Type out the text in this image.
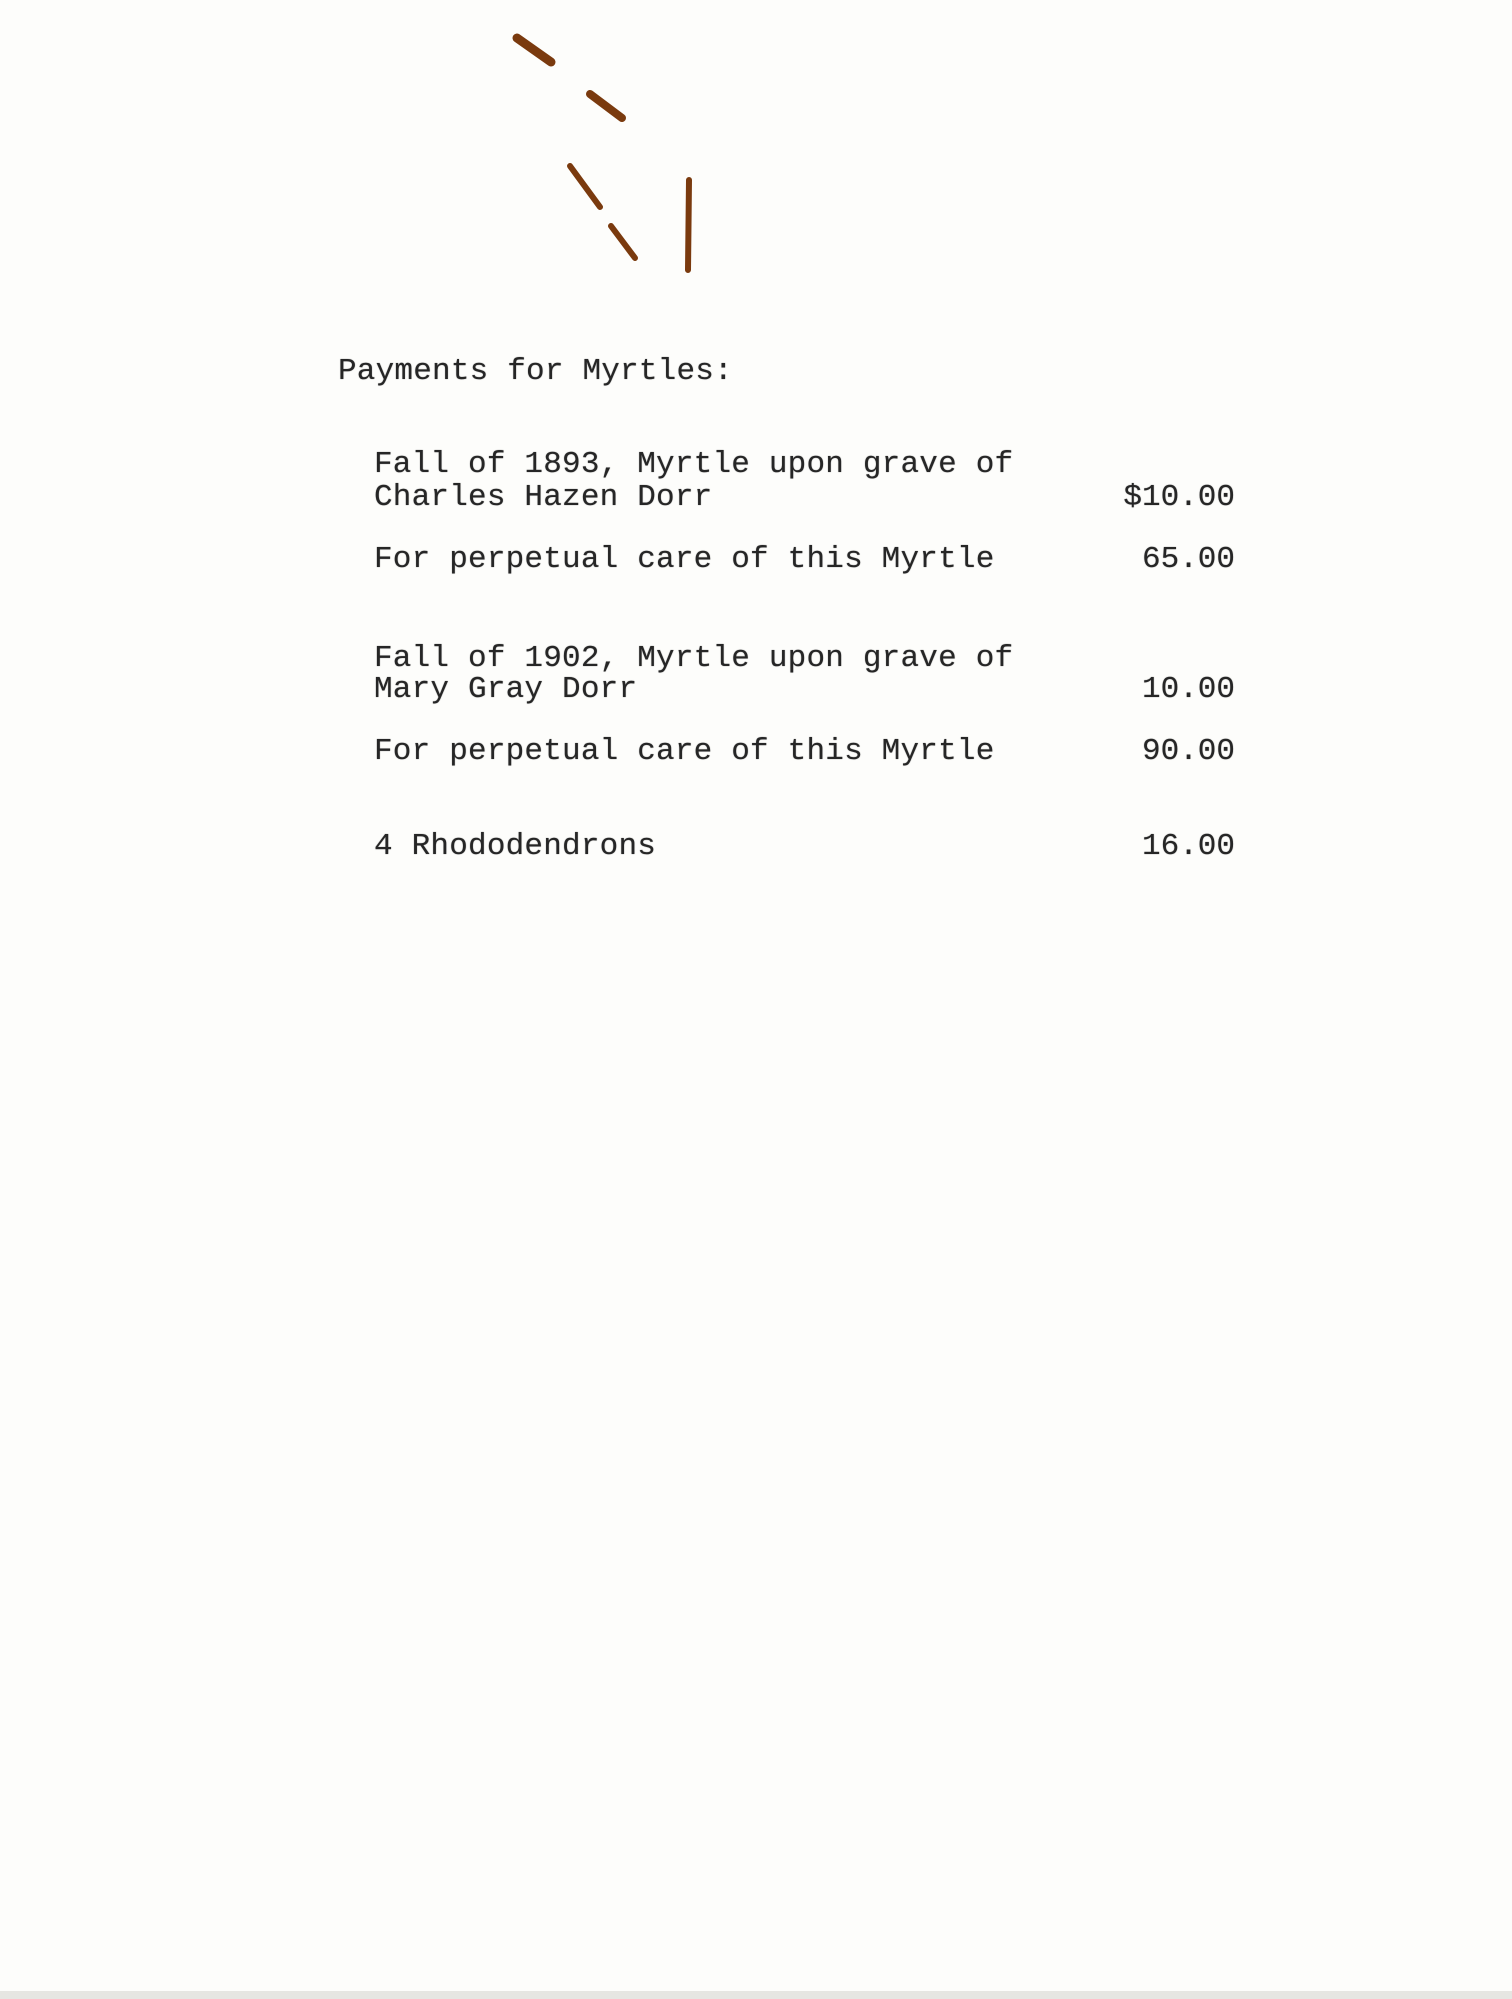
Payments for Myrtles:
Fall of 1893, Myrtle upon grave of
Charles Hazen Dorr	$10.00
For perpetual care of this Myrtle	65.00
Fall of 1902, Myrtle upon grave of
Mary Gray Dorr	10.00
For perpetual care of this Myrtle	90.00
4 Rhododendrons	16.00
